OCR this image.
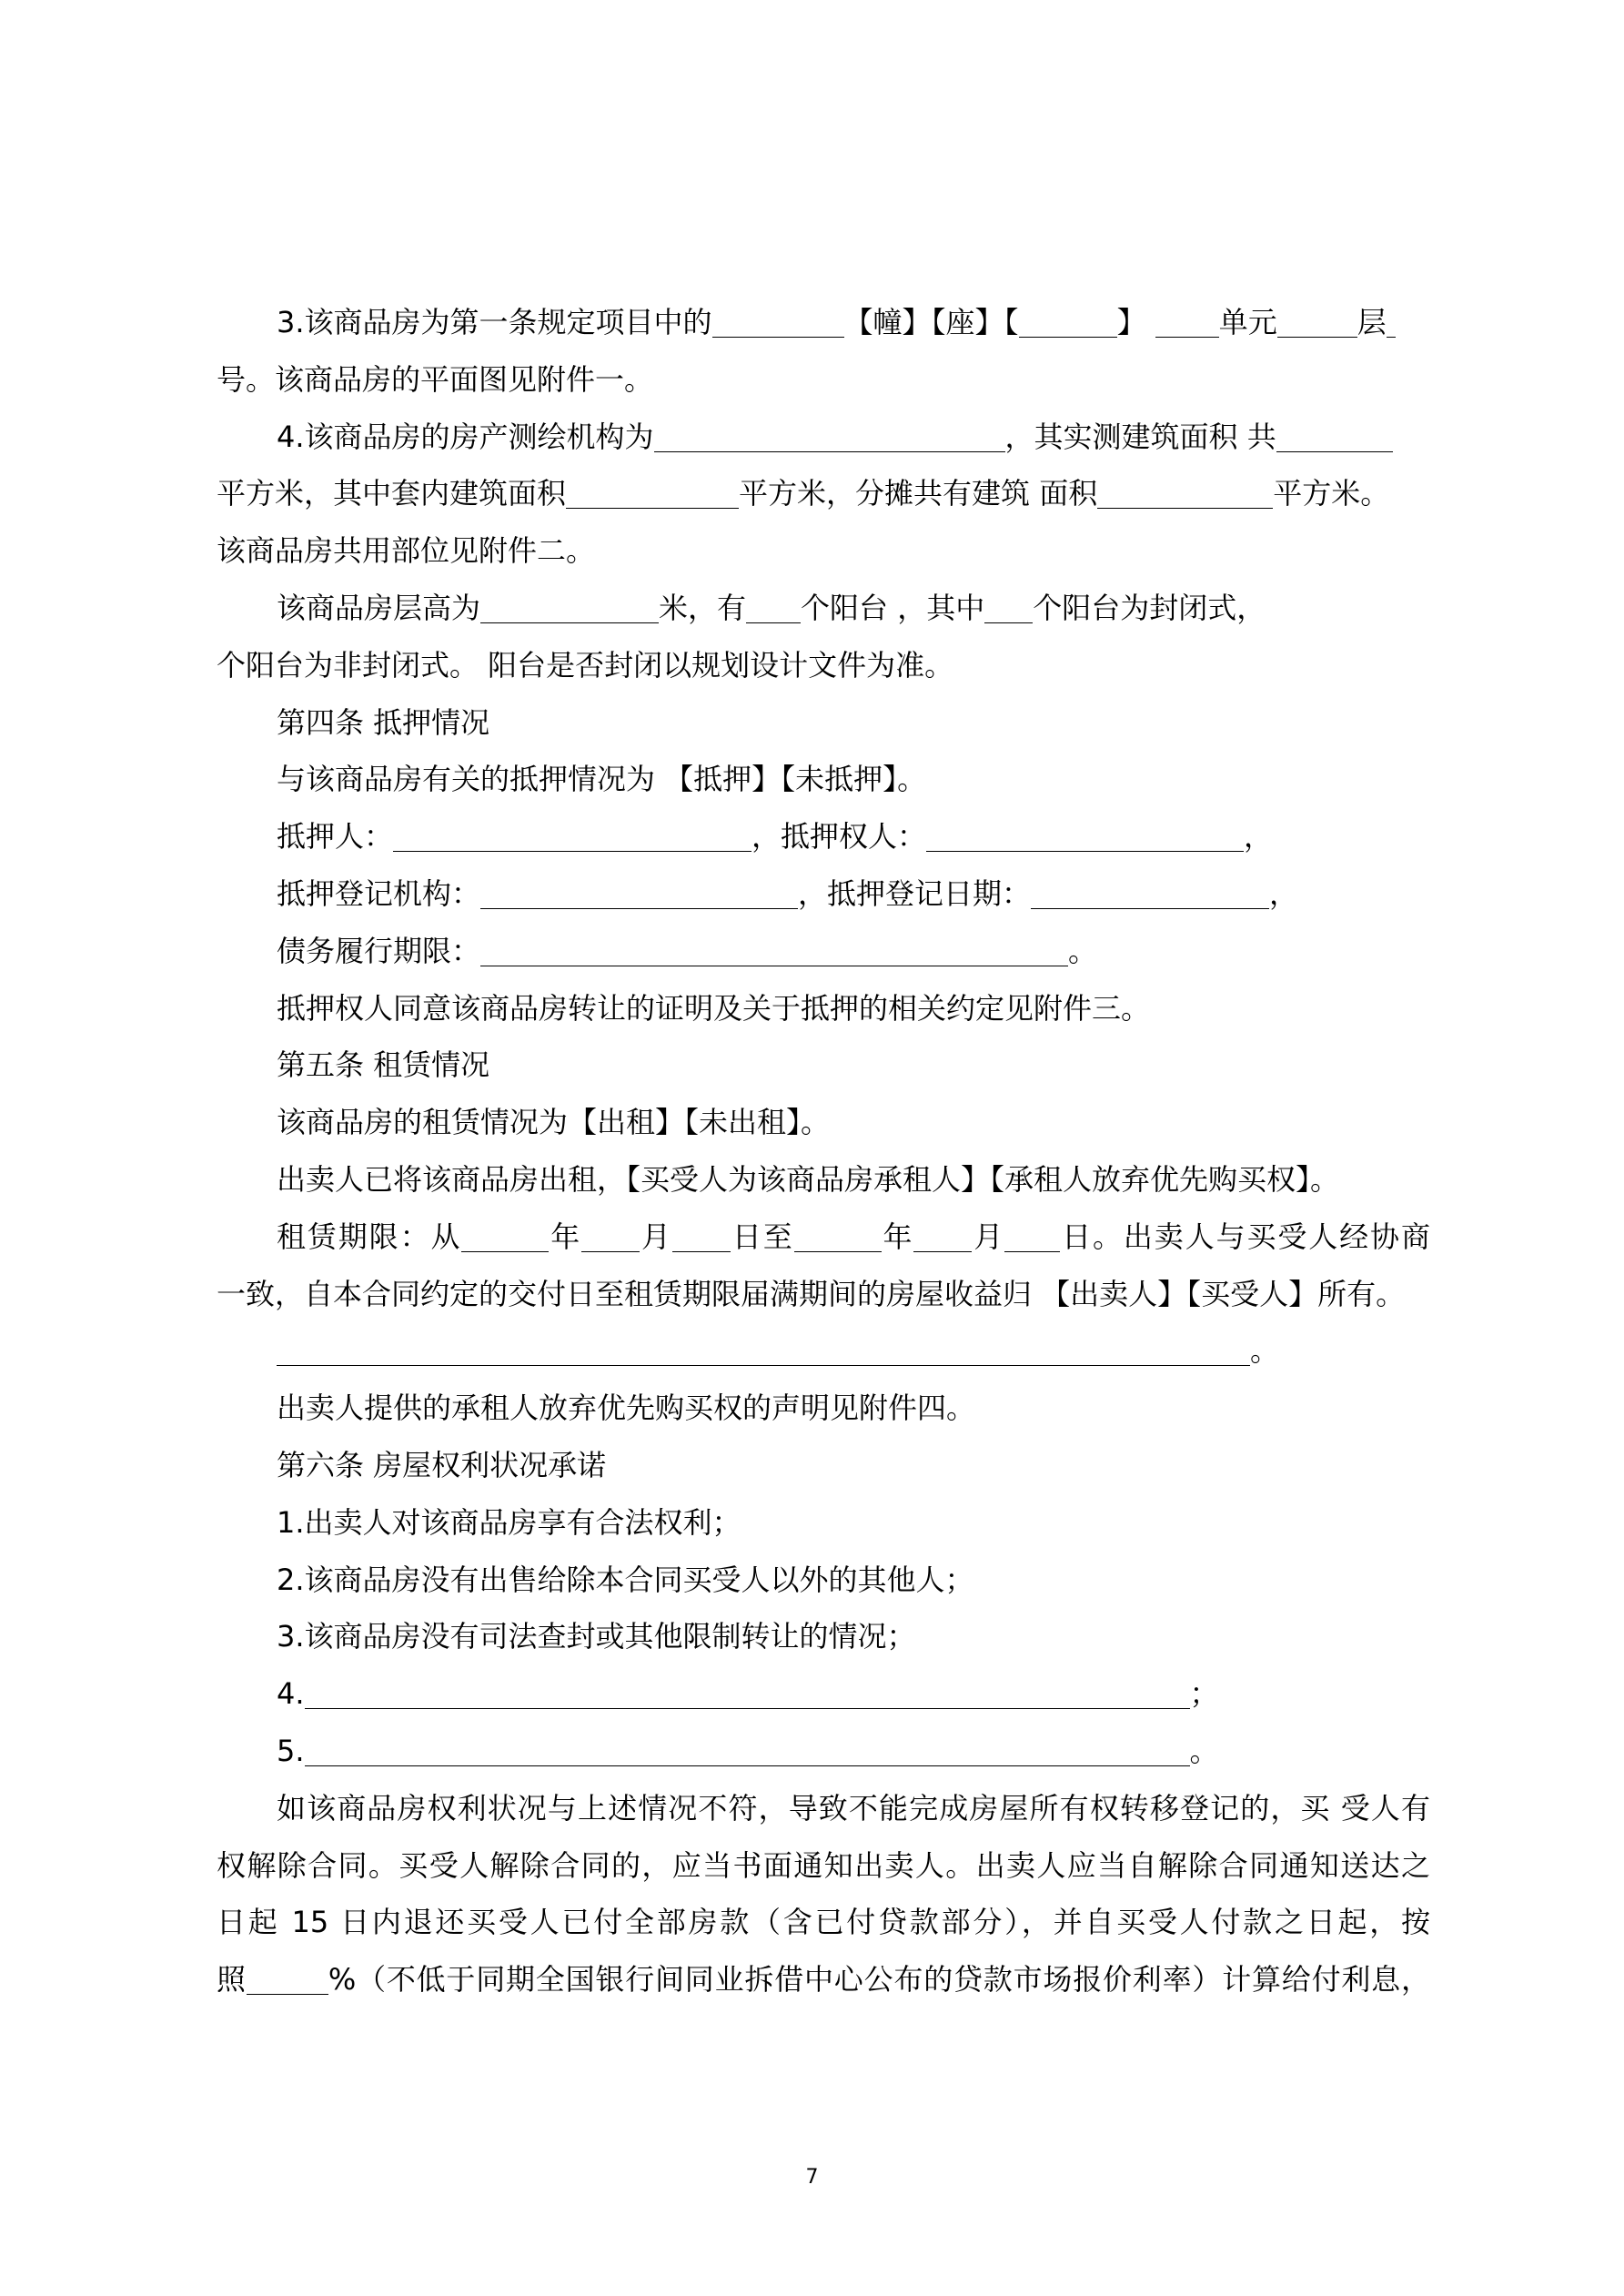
3.该商品房为第一条规定项目中的	【幢】【座】【	】	单元	层
号。该商品房的平面图见附件一。
4.该商品房的房产测绘机构为	，其实测建筑面积 共
平方米，其中套内建筑面积	平方米，分摊共有建筑 面积	平方米。
该商品房共用部位见附件二。
该商品房层高为	米，有 个阳台 ，其中 个阳台为封闭式，
个阳台为非封闭式。 阳台是否封闭以规划设计文件为准。
第四条 抵押情况
与该商品房有关的抵押情况为 【抵押】【未抵押】。
抵押人：	，抵押权人：	，
抵押登记机构：	，抵押登记日期：	，
债务履行期限：	。
抵押权人同意该商品房转让的证明及关于抵押的相关约定见附件三。
第五条 租赁情况
该商品房的租赁情况为【出租】【未出租】。
出卖人已将该商品房出租，【买受人为该商品房承租人】【承租人放弃优先购买权】。
租赁期限：从	年 月 日至	年 月 日。出卖人与买受人经协商
一致，自本合同约定的交付日至租赁期限届满期间的房屋收益归 【出卖人】【买受人】所有。
。
出卖人提供的承租人放弃优先购买权的声明见附件四。
第六条 房屋权利状况承诺
1.出卖人对该商品房享有合法权利；
2.该商品房没有出售给除本合同买受人以外的其他人；
3.该商品房没有司法查封或其他限制转让的情况；
4.	；
5.	。
如该商品房权利状况与上述情况不符，导致不能完成房屋所有权转移登记的，买 受人有
权解除合同。买受人解除合同的，应当书面通知出卖人。出卖人应当自解除合同通知送达之
日起 15 日内退还买受人已付全部房款（含已付贷款部分），并自买受人付款之日起，按
照	%（不低于同期全国银行间同业拆借中心公布的贷款市场报价利率）计算给付利息，
7
